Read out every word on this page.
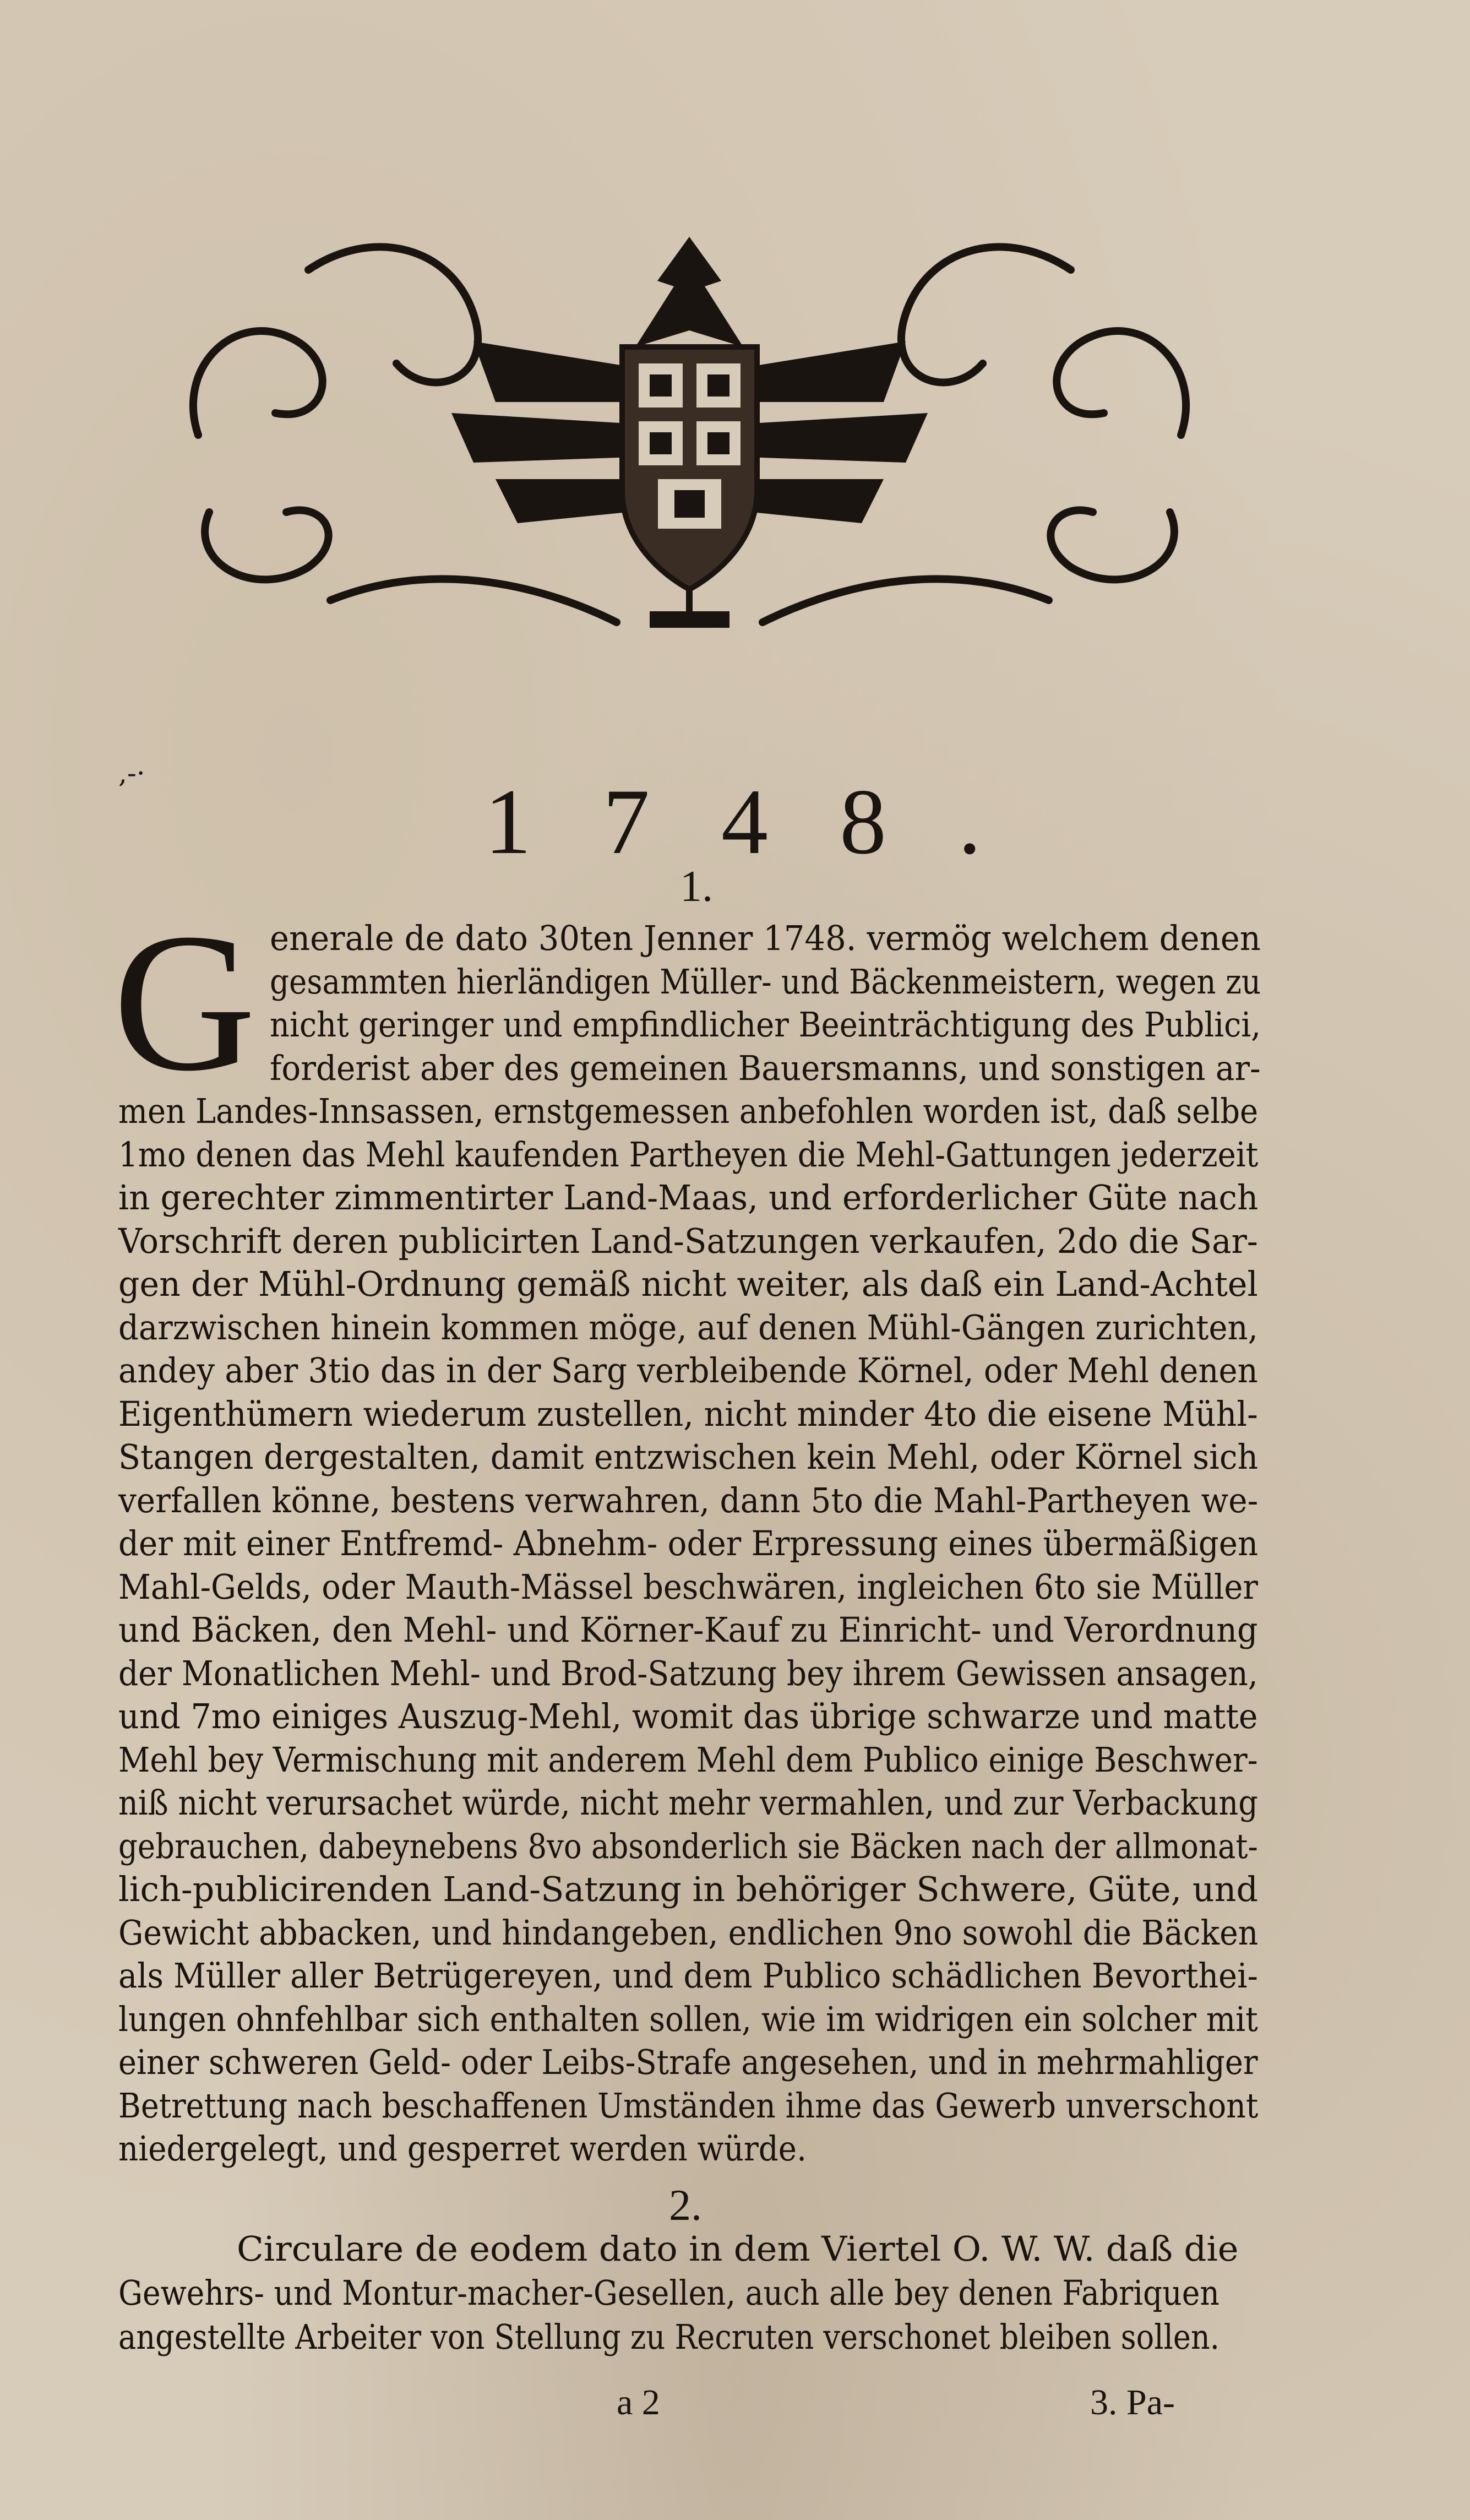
,-·	1748.
1.
G enerale de dato 30ten Jenner 1748. vermög welchem denen
gesammten hierländigen Müller- und Bäckenmeistern, wegen zu
nicht geringer und empfindlicher Beeinträchtigung des Publici,
forderist aber des gemeinen Bauersmanns, und sonstigen ar-
men Landes-Innsassen, ernstgemessen anbefohlen worden ist, daß selbe
1mo denen das Mehl kaufenden Partheyen die Mehl-Gattungen jederzeit
in gerechter zimmentirter Land-Maas, und erforderlicher Güte nach
Vorschrift deren publicirten Land-Satzungen verkaufen, 2do die Sar-
gen der Mühl-Ordnung gemäß nicht weiter, als daß ein Land-Achtel
darzwischen hinein kommen möge, auf denen Mühl-Gängen zurichten,
andey aber 3tio das in der Sarg verbleibende Körnel, oder Mehl denen
Eigenthümern wiederum zustellen, nicht minder 4to die eisene Mühl-
Stangen dergestalten, damit entzwischen kein Mehl, oder Körnel sich
verfallen könne, bestens verwahren, dann 5to die Mahl-Partheyen we-
der mit einer Entfremd- Abnehm- oder Erpressung eines übermäßigen
Mahl-Gelds, oder Mauth-Mässel beschwären, ingleichen 6to sie Müller
und Bäcken, den Mehl- und Körner-Kauf zu Einricht- und Verordnung
der Monatlichen Mehl- und Brod-Satzung bey ihrem Gewissen ansagen,
und 7mo einiges Auszug-Mehl, womit das übrige schwarze und matte
Mehl bey Vermischung mit anderem Mehl dem Publico einige Beschwer-
niß nicht verursachet würde, nicht mehr vermahlen, und zur Verbackung
gebrauchen, dabeynebens 8vo absonderlich sie Bäcken nach der allmonat-
lich-publicirenden Land-Satzung in behöriger Schwere, Güte, und
Gewicht abbacken, und hindangeben, endlichen 9no sowohl die Bäcken
als Müller aller Betrügereyen, und dem Publico schädlichen Bevorthei-
lungen ohnfehlbar sich enthalten sollen, wie im widrigen ein solcher mit
einer schweren Geld- oder Leibs-Strafe angesehen, und in mehrmahliger
Betrettung nach beschaffenen Umständen ihme das Gewerb unverschont
niedergelegt, und gesperret werden würde.
2.
Circulare de eodem dato in dem Viertel O. W. W. daß die
Gewehrs- und Montur-macher-Gesellen, auch alle bey denen Fabriquen
angestellte Arbeiter von Stellung zu Recruten verschonet bleiben sollen.
a 2	3. Pa-
